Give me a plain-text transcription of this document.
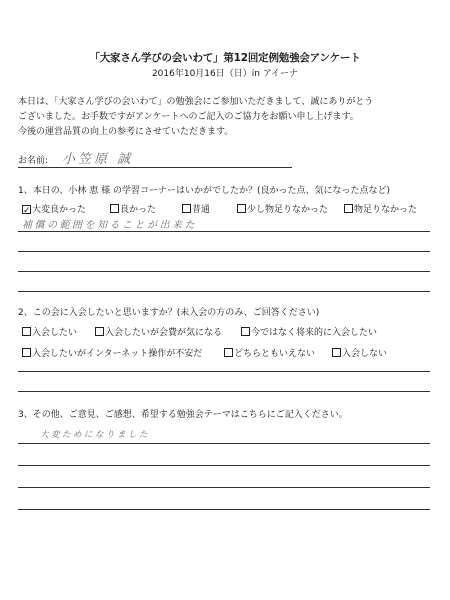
「大家さん学びの会いわて」第12回定例勉強会アンケート
2016年10月16日（日）in アイーナ
本日は、「大家さん学びの会いわて」の勉強会にご参加いただきまして、誠にありがとう
ございました。お手数ですがアンケートへのご記入のご協力をお願い申し上げます。
今後の運営品質の向上の参考にさせていただきます。
お名前: 小笠原 誠
1、本日の、小林 恵 様 の学習コーナーはいかがでしたか？(良かった点、気になった点など)
✓大変良かった	良かった	普通	少し物足りなかった	物足りなかった
補償の範囲を知ることが出来た
2、この会に入会したいと思いますか？(未入会の方のみ、ご回答ください)
入会したい	入会したいが会費が気になる	今ではなく将来的に入会したい
入会したいがインターネット操作が不安だ	どちらともいえない	入会しない
3、その他、ご意見、ご感想、希望する勉強会テーマはこちらにご記入ください。
大変ためになりました
